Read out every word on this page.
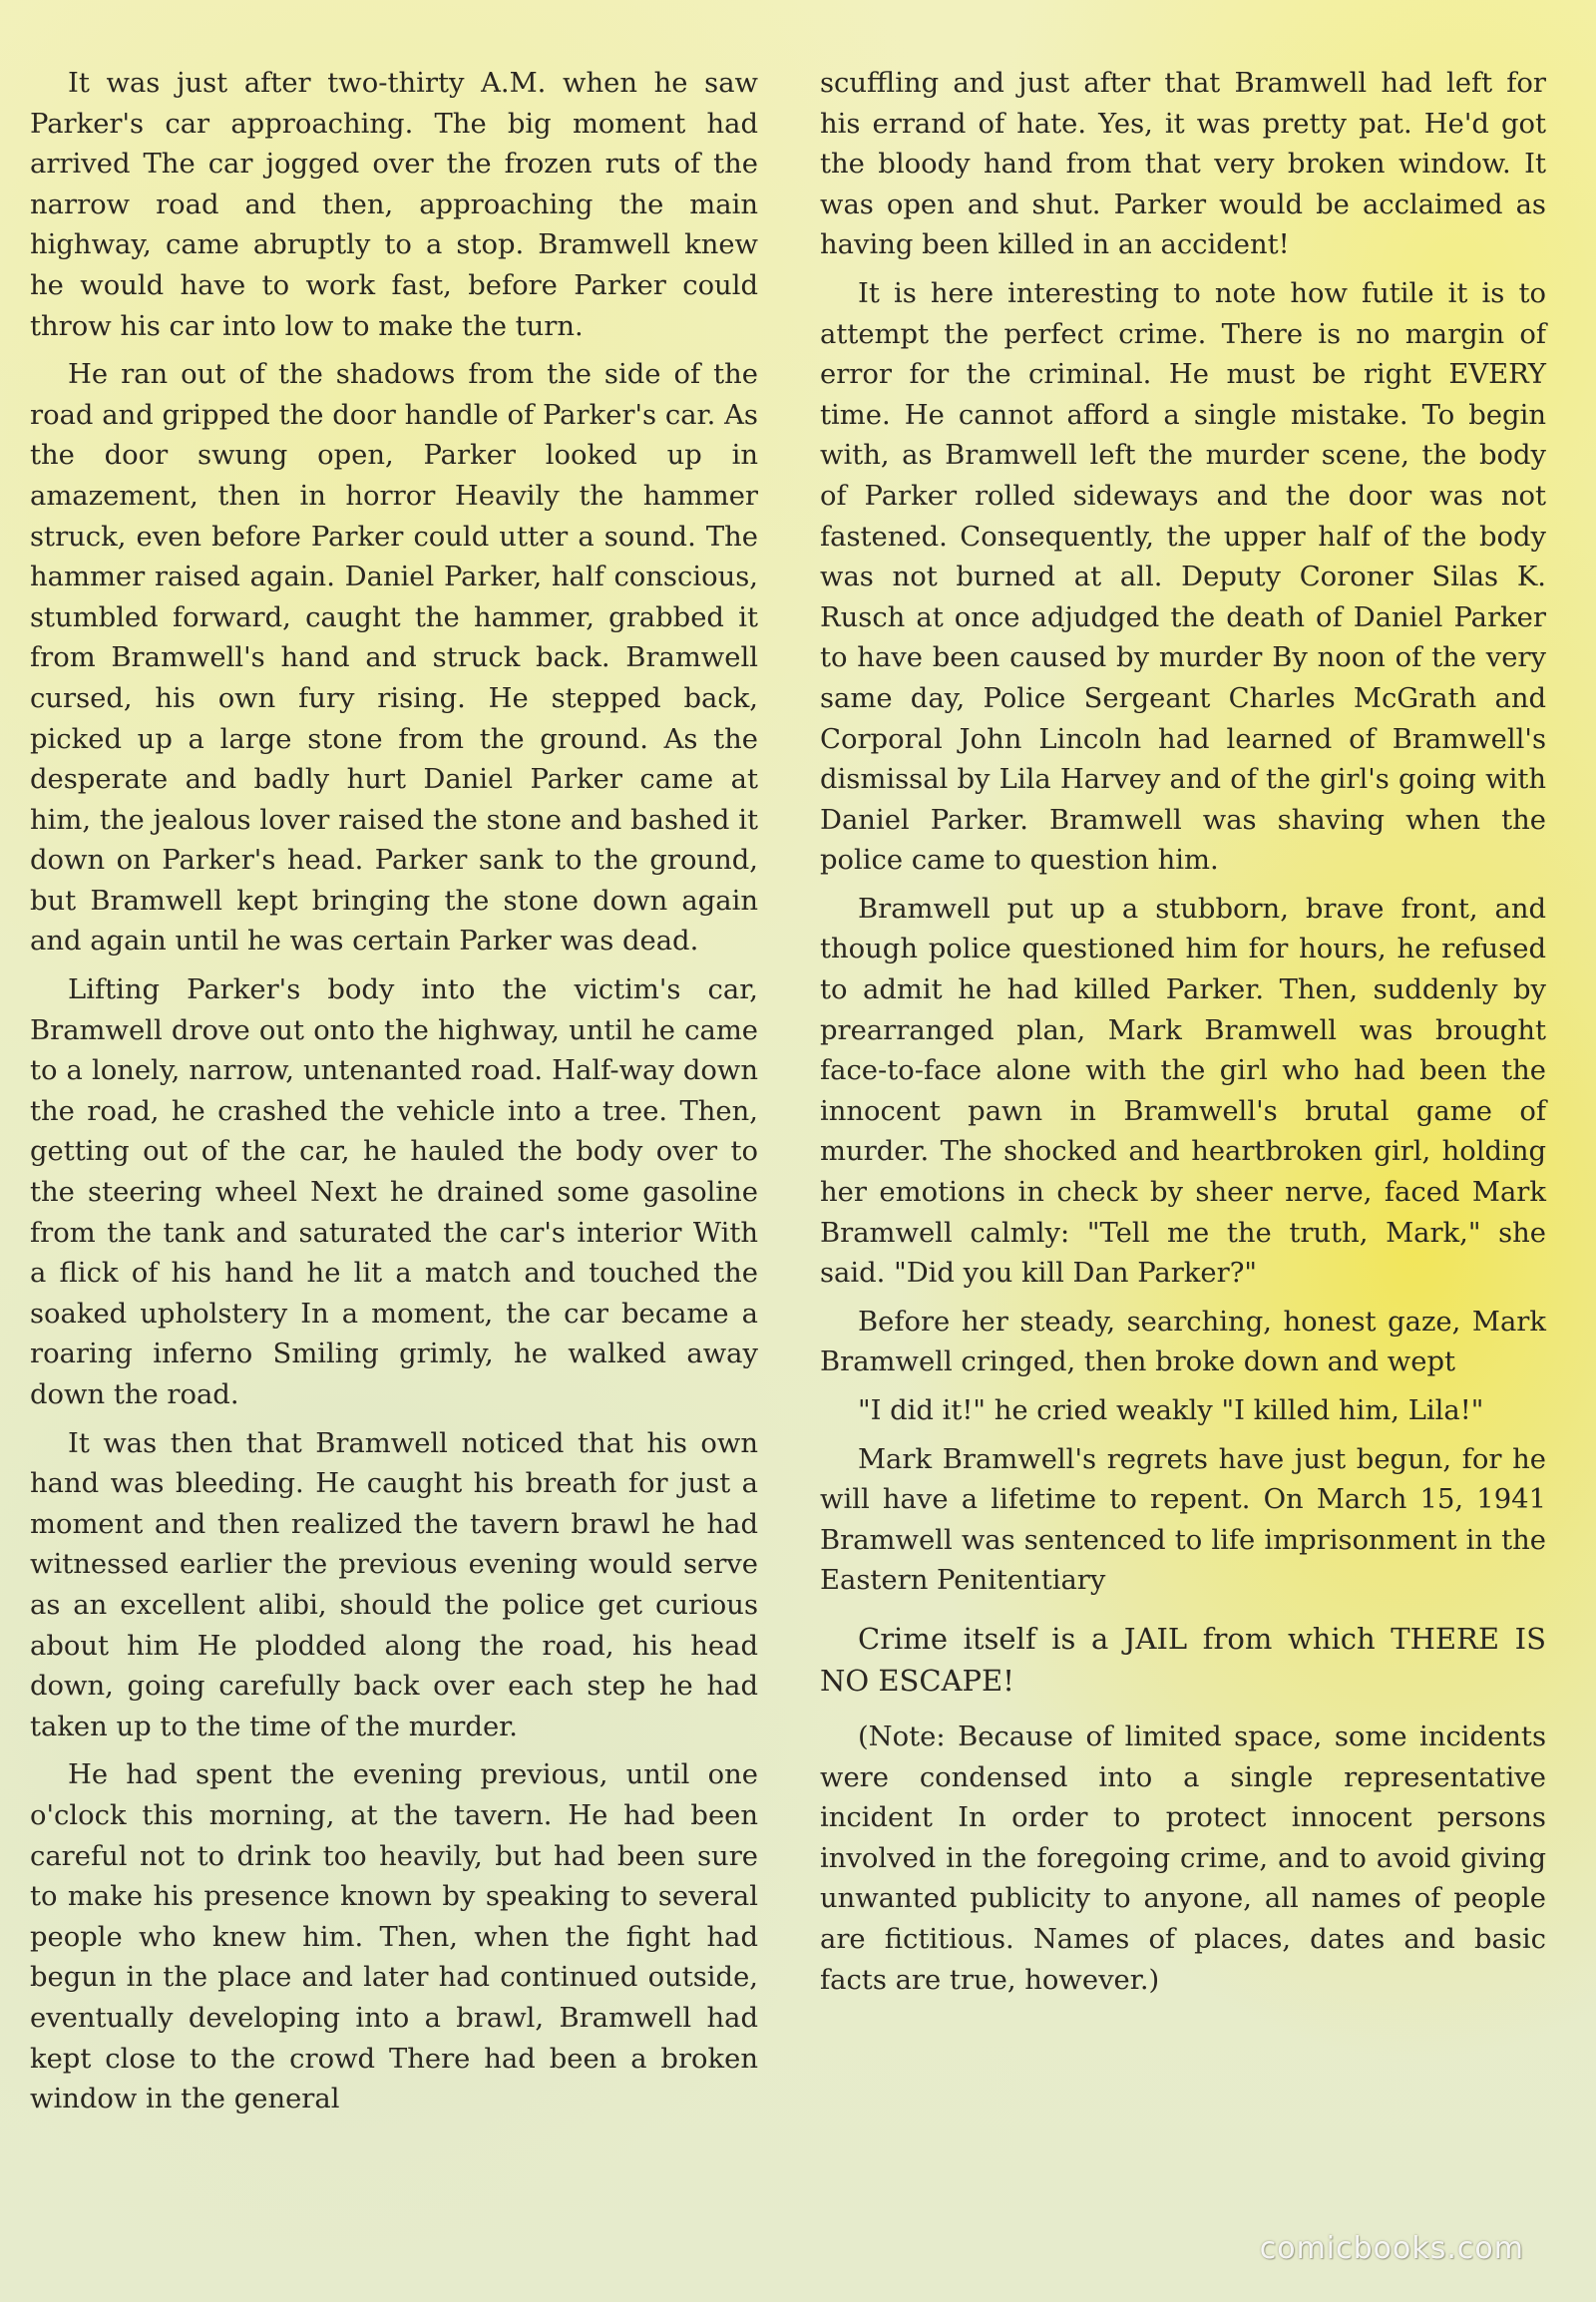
It was just after two-thirty A.M. when he saw Parker's car approaching. The big moment had arrived The car jogged over the frozen ruts of the narrow road and then, approaching the main highway, came abruptly to a stop. Bramwell knew he would have to work fast, before Parker could throw his car into low to make the turn.

He ran out of the shadows from the side of the road and gripped the door handle of Parker's car. As the door swung open, Parker looked up in amazement, then in horror Heavily the hammer struck, even before Parker could utter a sound. The hammer raised again. Daniel Parker, half conscious, stumbled forward, caught the hammer, grabbed it from Bramwell's hand and struck back. Bramwell cursed, his own fury rising. He stepped back, picked up a large stone from the ground. As the desperate and badly hurt Daniel Parker came at him, the jealous lover raised the stone and bashed it down on Parker's head. Parker sank to the ground, but Bramwell kept bringing the stone down again and again until he was certain Parker was dead.

Lifting Parker's body into the victim's car, Bramwell drove out onto the highway, until he came to a lonely, narrow, untenanted road. Half-way down the road, he crashed the vehicle into a tree. Then, getting out of the car, he hauled the body over to the steering wheel Next he drained some gasoline from the tank and saturated the car's interior With a flick of his hand he lit a match and touched the soaked upholstery In a moment, the car became a roaring inferno Smiling grimly, he walked away down the road.

It was then that Bramwell noticed that his own hand was bleeding. He caught his breath for just a moment and then realized the tavern brawl he had witnessed earlier the previous evening would serve as an excellent alibi, should the police get curious about him He plodded along the road, his head down, going carefully back over each step he had taken up to the time of the murder.

He had spent the evening previous, until one o'clock this morning, at the tavern. He had been careful not to drink too heavily, but had been sure to make his presence known by speaking to several people who knew him. Then, when the fight had begun in the place and later had continued outside, eventually developing into a brawl, Bramwell had kept close to the crowd There had been a broken window in the general

scuffling and just after that Bramwell had left for his errand of hate. Yes, it was pretty pat. He'd got the bloody hand from that very broken window. It was open and shut. Parker would be acclaimed as having been killed in an accident!

It is here interesting to note how futile it is to attempt the perfect crime. There is no margin of error for the criminal. He must be right EVERY time. He cannot afford a single mistake. To begin with, as Bramwell left the murder scene, the body of Parker rolled sideways and the door was not fastened. Consequently, the upper half of the body was not burned at all. Deputy Coroner Silas K. Rusch at once adjudged the death of Daniel Parker to have been caused by murder By noon of the very same day, Police Sergeant Charles McGrath and Corporal John Lincoln had learned of Bramwell's dismissal by Lila Harvey and of the girl's going with Daniel Parker. Bramwell was shaving when the police came to question him.

Bramwell put up a stubborn, brave front, and though police questioned him for hours, he refused to admit he had killed Parker. Then, suddenly by prearranged plan, Mark Bramwell was brought face-to-face alone with the girl who had been the innocent pawn in Bramwell's brutal game of murder. The shocked and heartbroken girl, holding her emotions in check by sheer nerve, faced Mark Bramwell calmly: "Tell me the truth, Mark," she said. "Did you kill Dan Parker?"

Before her steady, searching, honest gaze, Mark Bramwell cringed, then broke down and wept

"I did it!" he cried weakly "I killed him, Lila!"

Mark Bramwell's regrets have just begun, for he will have a lifetime to repent. On March 15, 1941 Bramwell was sentenced to life imprisonment in the Eastern Penitentiary

Crime itself is a JAIL from which THERE IS NO ESCAPE!

(Note: Because of limited space, some incidents were condensed into a single representative incident In order to protect innocent persons involved in the foregoing crime, and to avoid giving unwanted publicity to anyone, all names of people are fictitious. Names of places, dates and basic facts are true, however.)

comicbooks.com
